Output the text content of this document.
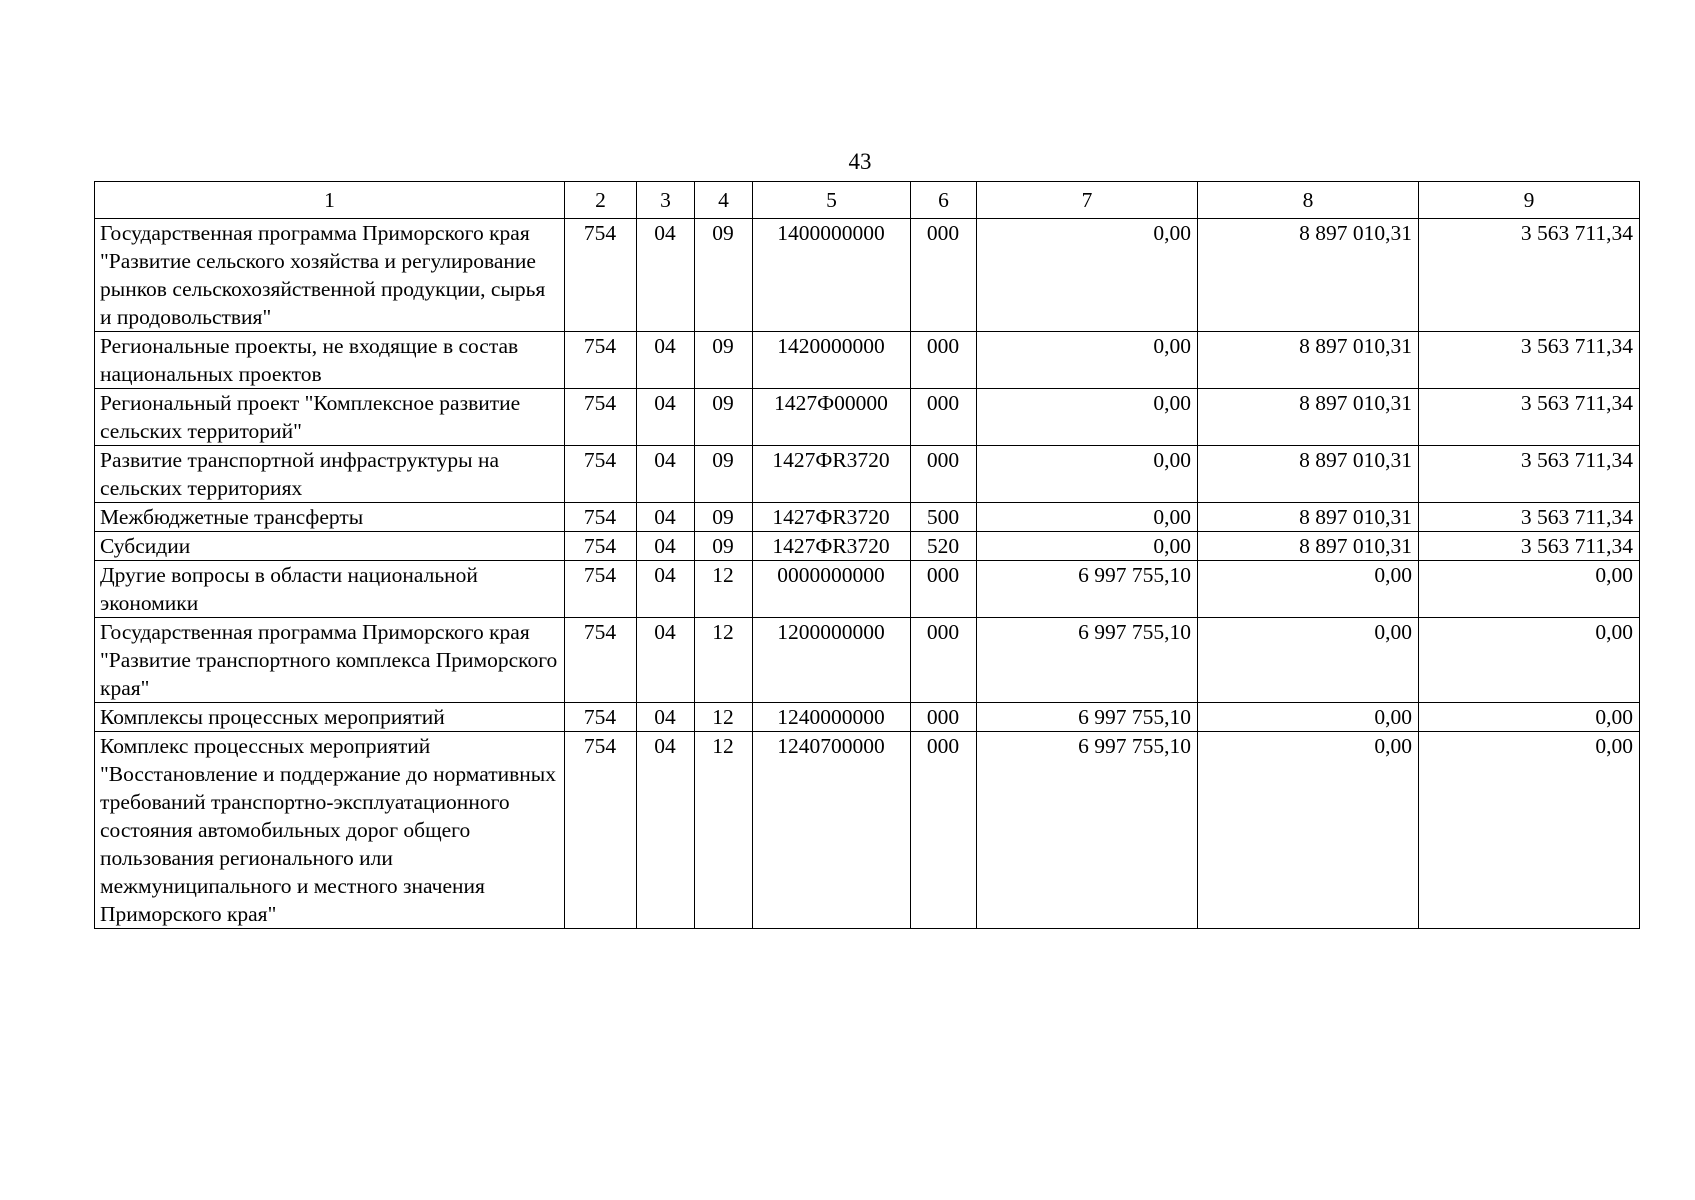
43
1	2	3	4	5	6	7	8	9
Государственная программа Приморского края "Развитие сельского хозяйства и регулирование рынков сельскохозяйственной продукции, сырья и продовольствия"	754	04	09	1400000000	000	0,00	8 897 010,31	3 563 711,34
Региональные проекты, не входящие в состав национальных проектов	754	04	09	1420000000	000	0,00	8 897 010,31	3 563 711,34
Региональный проект "Комплексное развитие сельских территорий"	754	04	09	1427Ф00000	000	0,00	8 897 010,31	3 563 711,34
Развитие транспортной инфраструктуры на сельских территориях	754	04	09	1427ФR3720	000	0,00	8 897 010,31	3 563 711,34
Межбюджетные трансферты	754	04	09	1427ФR3720	500	0,00	8 897 010,31	3 563 711,34
Субсидии	754	04	09	1427ФR3720	520	0,00	8 897 010,31	3 563 711,34
Другие вопросы в области национальной экономики	754	04	12	0000000000	000	6 997 755,10	0,00	0,00
Государственная программа Приморского края "Развитие транспортного комплекса Приморского края"	754	04	12	1200000000	000	6 997 755,10	0,00	0,00
Комплексы процессных мероприятий	754	04	12	1240000000	000	6 997 755,10	0,00	0,00
Комплекс процессных мероприятий "Восстановление и поддержание до нормативных требований транспортно-эксплуатационного состояния автомобильных дорог общего пользования регионального или межмуниципального и местного значения Приморского края"	754	04	12	1240700000	000	6 997 755,10	0,00	0,00
